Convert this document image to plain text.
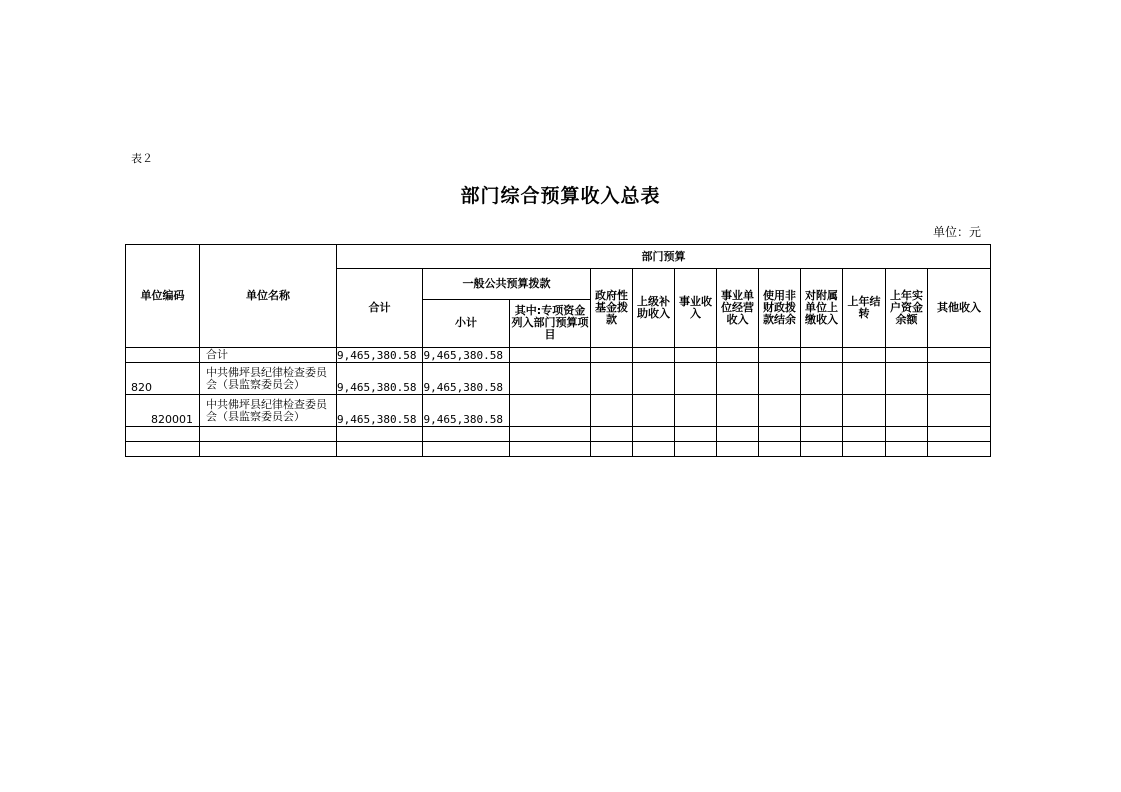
表２
部门综合预算收入总表
单位：元
单位编码	单位名称	部门预算											
		合计	一般公共预算拨款		政府性基金拨款	上级补助收入	事业收入	事业单位经营收入	使用非财政拨款结余	对附属单位上缴收入	上年结转	上年实户资金余额	其他收入
			小计	其中:专项资金列入部门预算项目									

	合计	9,465,380.58	9,465,380.58										
820	中共佛坪县纪律检查委员会（县监察委员会）	9,465,380.58	9,465,380.58										
820001	中共佛坪县纪律检查委员会（县监察委员会）	9,465,380.58	9,465,380.58										
